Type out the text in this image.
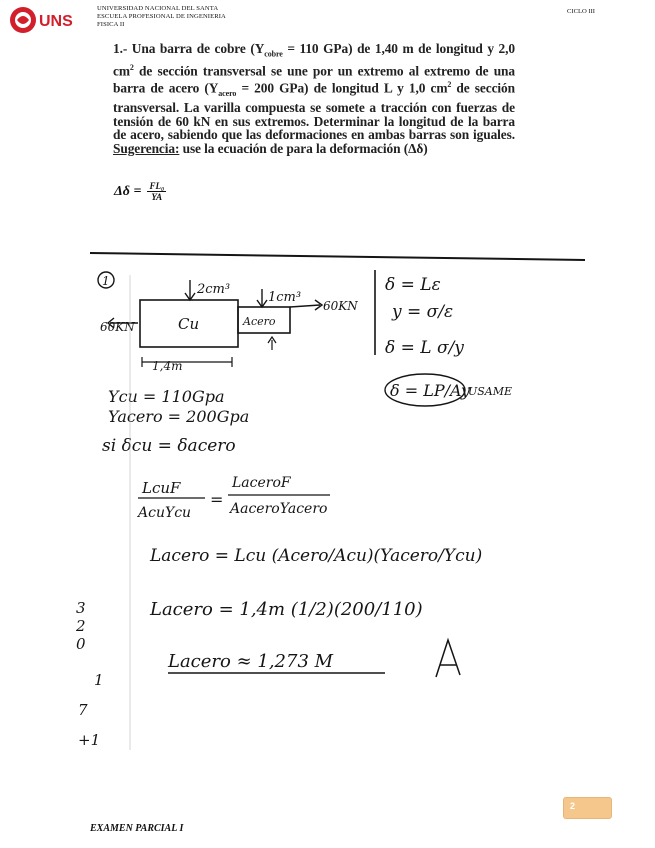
UNS
UNIVERSIDAD NACIONAL DEL SANTA
ESCUELA PROFESIONAL DE INGENIERIA
FISICA II
CICLO III
1.- Una barra de cobre ($Y_{cobre} = 110$ GPa) de 1,40 m de longitud y 2,0 $cm^2$ de sección transversal se une por un extremo al extremo de una barra de acero ($Y_{acero} = 200$ GPa) de longitud L y 1,0 $cm^2$ de sección transversal. La varilla compuesta se somete a tracción con fuerzas de tensión de 60 kN en sus extremos. Determinar la longitud de la barra de acero, sabiendo que las deformaciones en ambas barras son iguales. Sugerencia: use la ecuación de para la deformación (Δδ)
$\Delta\delta = \frac{\text{FL₀}}{YA}$
1
Cu	Acero
60KN
60KN
2cm³
1cm³
1,4m
δ = Lε
y = σ/ε
δ = L σ/y
δ = LP/Ay
USAME
Ycu = 110Gpa
Yacero = 200Gpa
si δcu = δacero
LcuF
AcuYcu
=
LaceroF
AaceroYacero
Lacero = Lcu (Acero/Acu)(Yacero/Ycu)
Lacero = 1,4m (1/2)(200/110)
Lacero ≈ 1,273 M
3
2
0
1
7
+1
2
EXAMEN PARCIAL I
